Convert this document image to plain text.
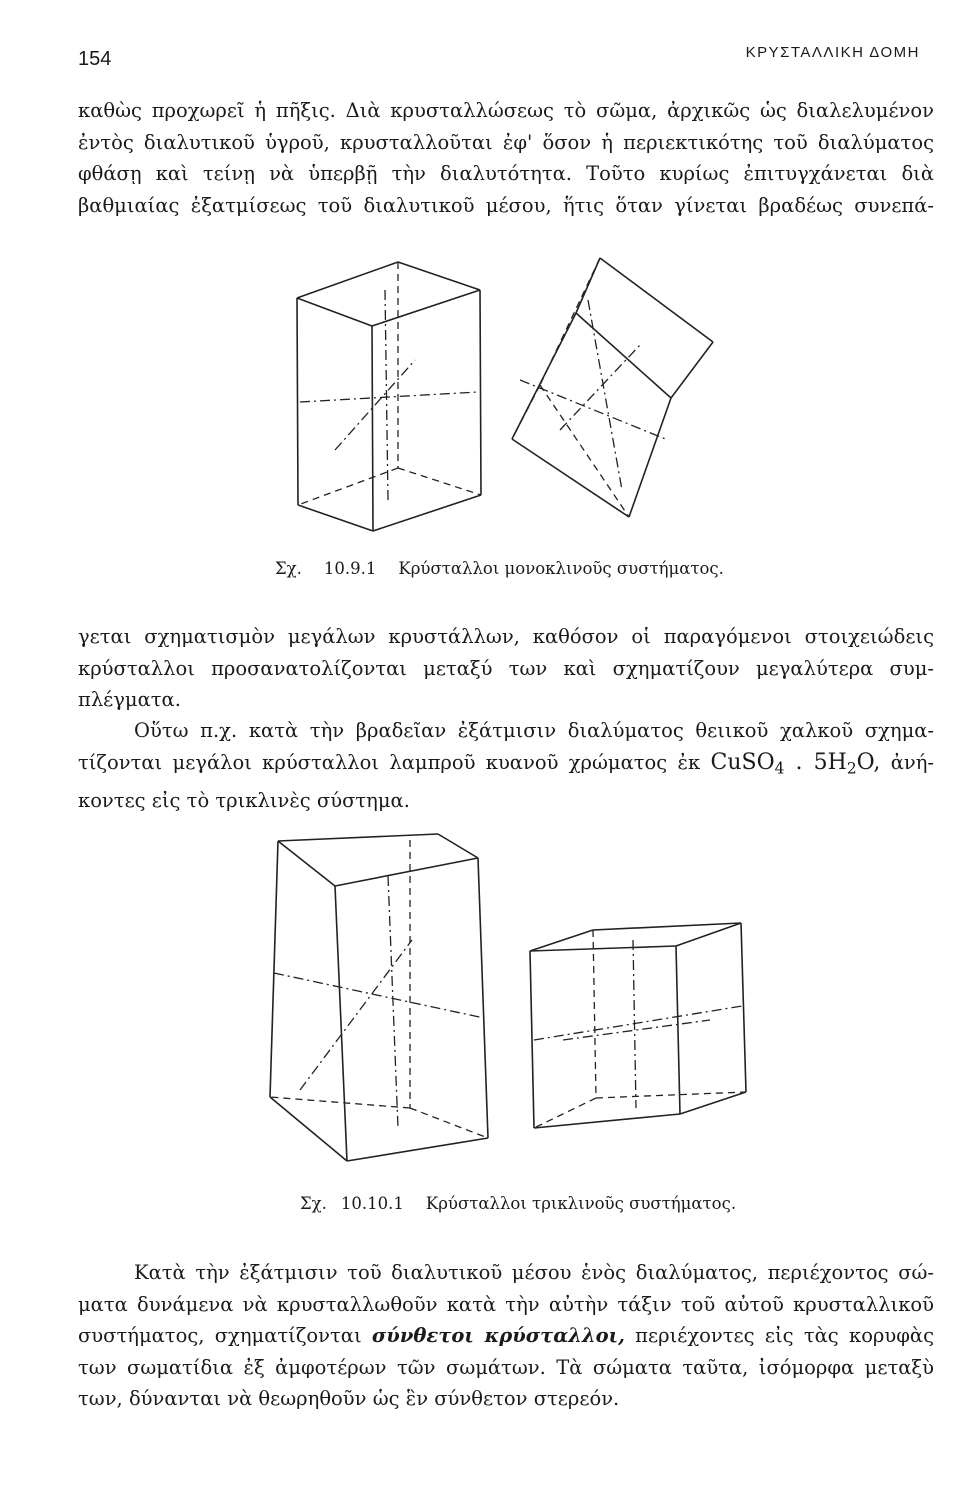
154	ΚΡΥΣΤΑΛΛΙΚΗ ΔΟΜΗ
καθὼς προχωρεῖ ἡ πῆξις. Διὰ κρυσταλλώσεως τὸ σῶμα, ἀρχικῶς ὡς διαλελυμένον
ἐντὸς διαλυτικοῦ ὑγροῦ, κρυσταλλοῦται ἐφ' ὅσον ἡ περιεκτικότης τοῦ διαλύματος
φθάσῃ καὶ τείνῃ νὰ ὑπερβῇ τὴν διαλυτότητα. Τοῦτο κυρίως ἐπιτυγχάνεται διὰ
βαθμιαίας ἐξατμίσεως τοῦ διαλυτικοῦ μέσου, ἥτις ὅταν γίνεται βραδέως συνεπά-
Σχ. 10.9.1 Κρύσταλλοι μονοκλινοῦς συστήματος.
γεται σχηματισμὸν μεγάλων κρυστάλλων, καθόσον οἱ παραγόμενοι στοιχειώδεις
κρύσταλλοι προσανατολίζονται μεταξύ των καὶ σχηματίζουν μεγαλύτερα συμ-
πλέγματα.
Οὕτω π.χ. κατὰ τὴν βραδεῖαν ἐξάτμισιν διαλύματος θειικοῦ χαλκοῦ σχημα-
τίζονται μεγάλοι κρύσταλλοι λαμπροῦ κυανοῦ χρώματος ἐκ CuSO$_4$ . $5H_2O$, ἀνή-
κοντες εἰς τὸ τρικλινὲς σύστημα.
Σχ. 10.10.1 Κρύσταλλοι τρικλινοῦς συστήματος.
Κατὰ τὴν ἐξάτμισιν τοῦ διαλυτικοῦ μέσου ἑνὸς διαλύματος, περιέχοντος σώ-
ματα δυνάμενα νὰ κρυσταλλωθοῦν κατὰ τὴν αὐτὴν τάξιν τοῦ αὐτοῦ κρυσταλλικοῦ
συστήματος, σχηματίζονται σύνθετοι κρύσταλλοι, περιέχοντες εἰς τὰς κορυφὰς
των σωματίδια ἐξ ἀμφοτέρων τῶν σωμάτων. Τὰ σώματα ταῦτα, ἰσόμορφα μεταξὺ
των, δύνανται νὰ θεωρηθοῦν ὡς ἓν σύνθετον στερεόν.
